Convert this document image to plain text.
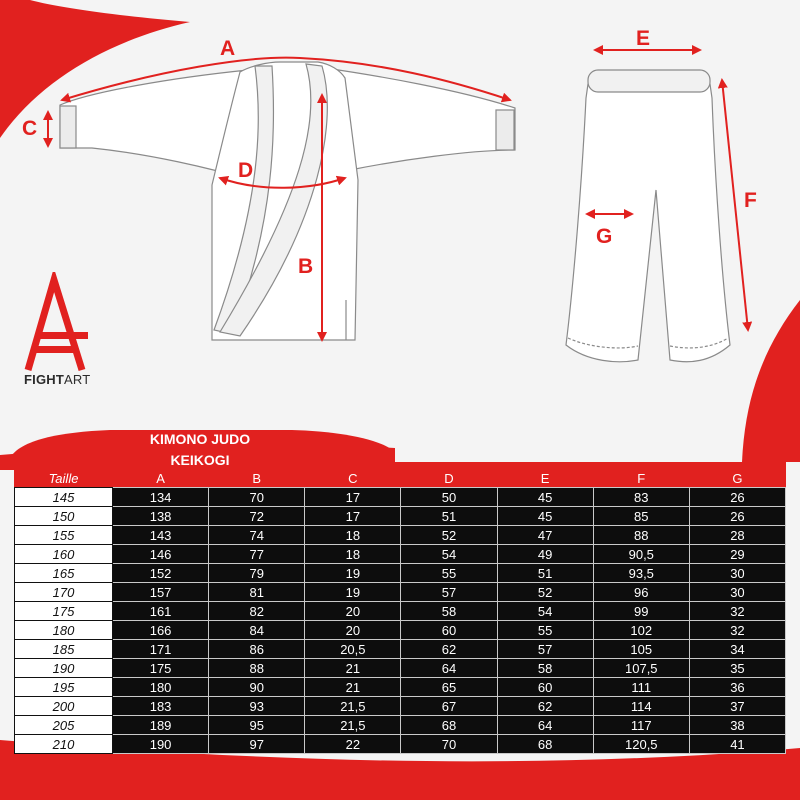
A
C
D
B
E
F
G
FIGHTART
KIMONO JUDO
KEIKOGI
Taille	A	B	C	D	E	F	G
145	134	70	17	50	45	83	26
150	138	72	17	51	45	85	26
155	143	74	18	52	47	88	28
160	146	77	18	54	49	90,5	29
165	152	79	19	55	51	93,5	30
170	157	81	19	57	52	96	30
175	161	82	20	58	54	99	32
180	166	84	20	60	55	102	32
185	171	86	20,5	62	57	105	34
190	175	88	21	64	58	107,5	35
195	180	90	21	65	60	111	36
200	183	93	21,5	67	62	114	37
205	189	95	21,5	68	64	117	38
210	190	97	22	70	68	120,5	41
